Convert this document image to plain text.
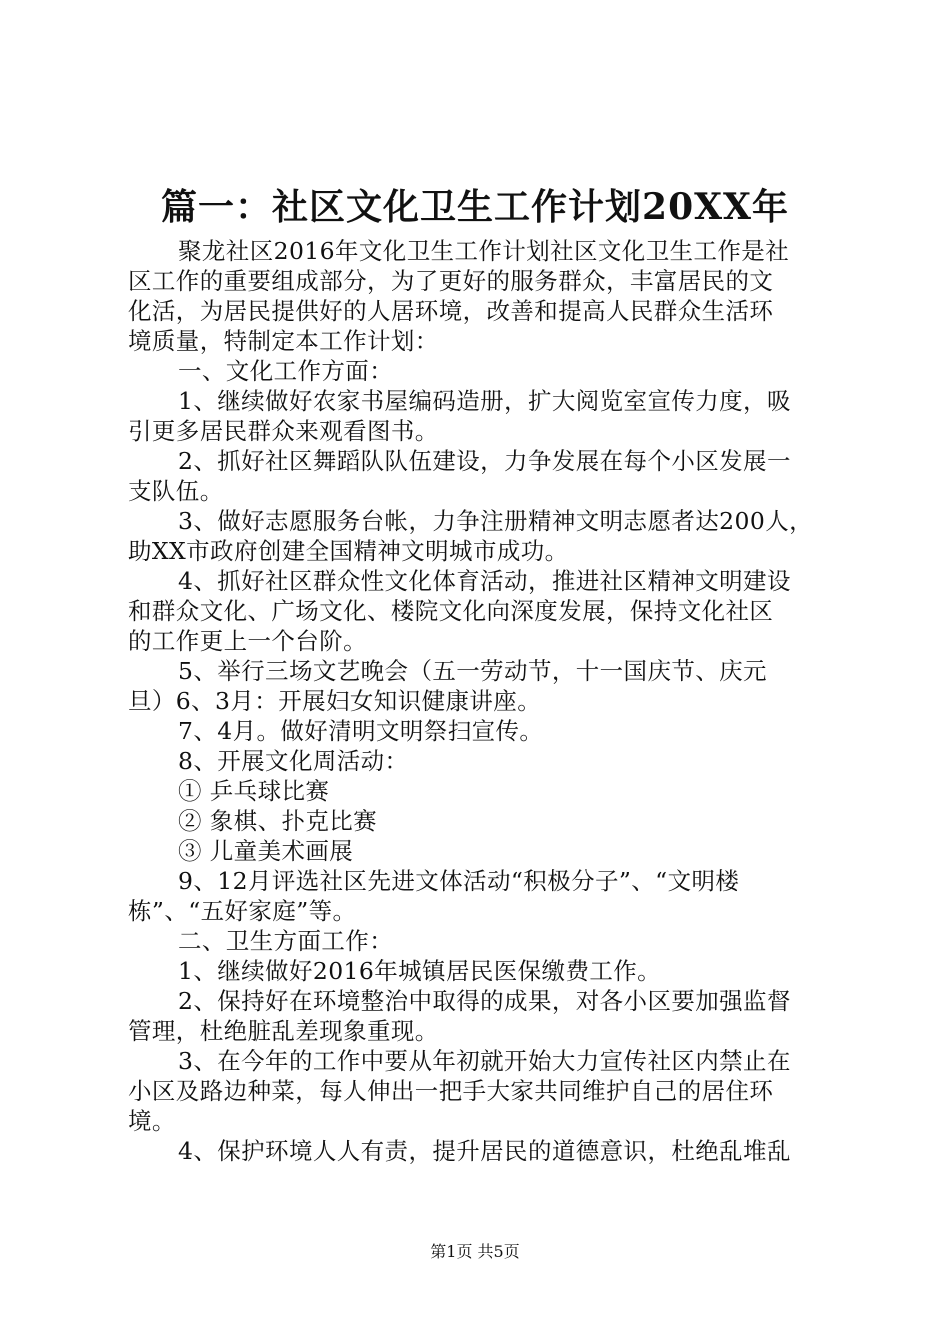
篇一：社区文化卫生工作计划20XX年
聚龙社区2016年文化卫生工作计划社区文化卫生工作是社
区工作的重要组成部分，为了更好的服务群众，丰富居民的文
化活，为居民提供好的人居环境，改善和提高人民群众生活环
境质量，特制定本工作计划：
一、文化工作方面：
1、继续做好农家书屋编码造册，扩大阅览室宣传力度，吸
引更多居民群众来观看图书。
2、抓好社区舞蹈队队伍建设，力争发展在每个小区发展一
支队伍。
3、做好志愿服务台帐，力争注册精神文明志愿者达200人，
助XX市政府创建全国精神文明城市成功。
4、抓好社区群众性文化体育活动，推进社区精神文明建设
和群众文化、广场文化、楼院文化向深度发展，保持文化社区
的工作更上一个台阶。
5、举行三场文艺晚会（五一劳动节，十一国庆节、庆元
旦）6、3月：开展妇女知识健康讲座。
7、4月。做好清明文明祭扫宣传。
8、开展文化周活动：
① 乒乓球比赛
② 象棋、扑克比赛
③ 儿童美术画展
9、12月评选社区先进文体活动“积极分子”、“文明楼
栋”、“五好家庭”等。
二、卫生方面工作：
1、继续做好2016年城镇居民医保缴费工作。
2、保持好在环境整治中取得的成果，对各小区要加强监督
管理，杜绝脏乱差现象重现。
3、在今年的工作中要从年初就开始大力宣传社区内禁止在
小区及路边种菜，每人伸出一把手大家共同维护自己的居住环
境。
4、保护环境人人有责，提升居民的道德意识，杜绝乱堆乱
第1页 共5页
